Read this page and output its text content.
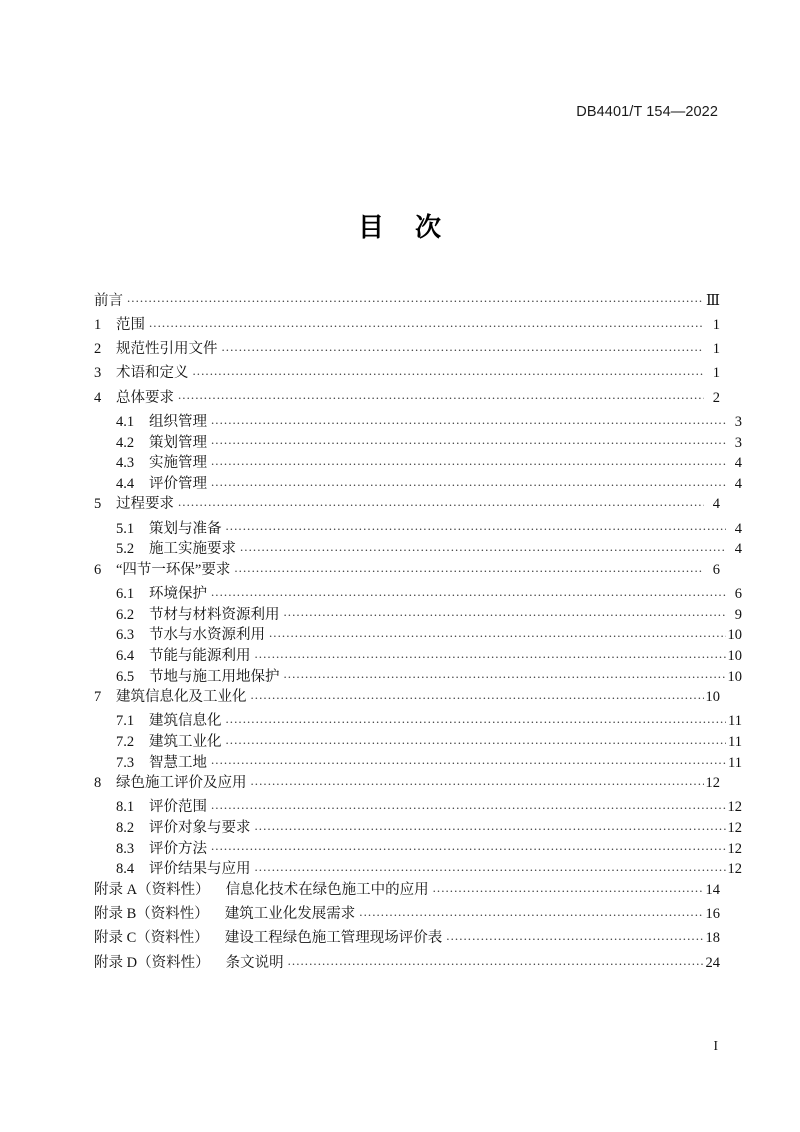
DB4401/T 154—2022
目 次
前言 . . .	Ⅲ
1	范围 . . .	1
2	规范性引用文件 . . .	1
3	术语和定义 . . .	1
4	总体要求 . . .	2
4.1	组织管理 . . .	3
4.2	策划管理 . . .	3
4.3	实施管理 . . .	4
4.4	评价管理 . . .	4
5	过程要求 . . .	4
5.1	策划与准备 . . .	4
5.2	施工实施要求 . . .	4
6	“四节一环保”要求 . . .	6
6.1	环境保护 . . .	6
6.2	节材与材料资源利用 . . .	9
6.3	节水与水资源利用 . . .	10
6.4	节能与能源利用 . . .	10
6.5	节地与施工用地保护 . . .	10
7	建筑信息化及工业化 . . .	10
7.1	建筑信息化 . . .	11
7.2	建筑工业化 . . .	11
7.3	智慧工地 . . .	11
8	绿色施工评价及应用 . . .	12
8.1	评价范围 . . .	12
8.2	评价对象与要求 . . .	12
8.3	评价方法 . . .	12
8.4	评价结果与应用 . . .	12
附录 A（资料性） 信息化技术在绿色施工中的应用 . . .	14
附录 B（资料性） 建筑工业化发展需求 . . .	16
附录 C（资料性） 建设工程绿色施工管理现场评价表 . . .	18
附录 D（资料性） 条文说明 . . .	24
I
